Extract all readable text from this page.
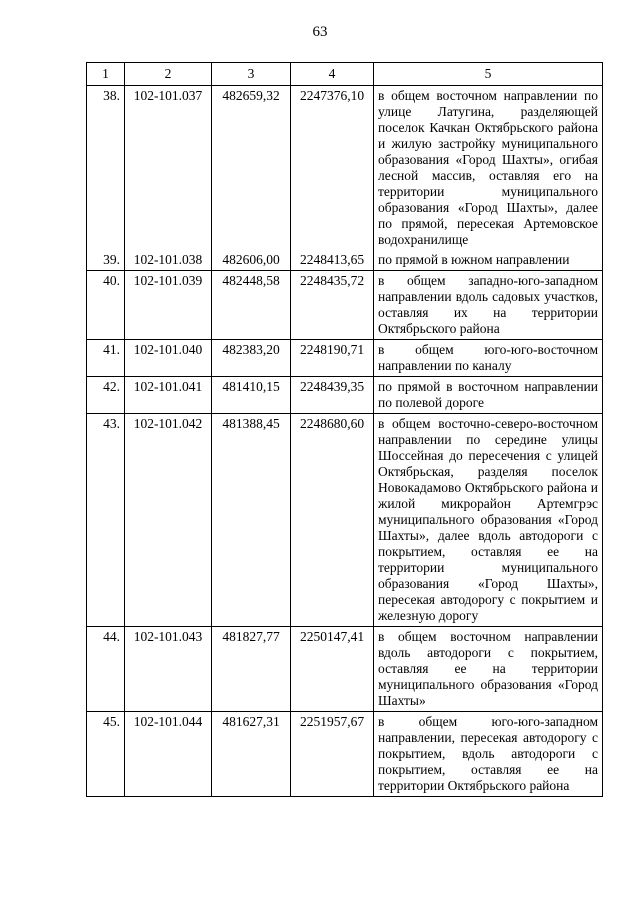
63
1	2	3	4	5
38.	102-101.037	482659,32	2247376,10	в общем восточном направлении по улице Латугина, разделяющей поселок Качкан Октябрьского района и жилую застройку муниципального образования «Город Шахты», огибая лесной массив, оставляя его на территории муниципального образования «Город Шахты», далее по прямой, пересекая Артемовское водохранилище
39.	102-101.038	482606,00	2248413,65	по прямой в южном направлении
40.	102-101.039	482448,58	2248435,72	в общем западно-юго-западном направлении вдоль садовых участков, оставляя их на территории Октябрьского района
41.	102-101.040	482383,20	2248190,71	в общем юго-юго-восточном направлении по каналу
42.	102-101.041	481410,15	2248439,35	по прямой в восточном направлении по полевой дороге
43.	102-101.042	481388,45	2248680,60	в общем восточно-северо-восточном направлении по середине улицы Шоссейная до пересечения с улицей Октябрьская, разделяя поселок Новокадамово Октябрьского района и жилой микрорайон Артемгрэс муниципального образования «Город Шахты», далее вдоль автодороги с покрытием, оставляя ее на территории муниципального образования «Город Шахты», пересекая автодорогу с покрытием и железную дорогу
44.	102-101.043	481827,77	2250147,41	в общем восточном направлении вдоль автодороги с покрытием, оставляя ее на территории муниципального образования «Город Шахты»
45.	102-101.044	481627,31	2251957,67	в общем юго-юго-западном направлении, пересекая автодорогу с покрытием, вдоль автодороги с покрытием, оставляя ее на территории Октябрьского района
